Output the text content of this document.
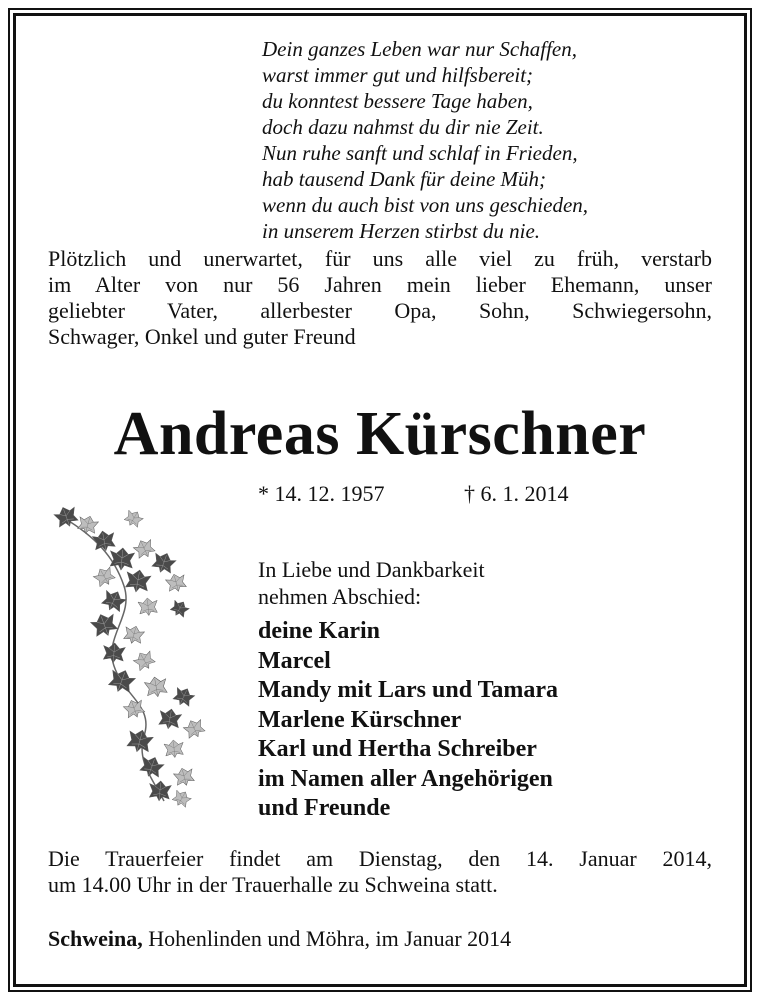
Dein ganzes Leben war nur Schaffen,
warst immer gut und hilfsbereit;
du konntest bessere Tage haben,
doch dazu nahmst du dir nie Zeit.
Nun ruhe sanft und schlaf in Frieden,
hab tausend Dank für deine Müh;
wenn du auch bist von uns geschieden,
in unserem Herzen stirbst du nie.
Plötzlich und unerwartet, für uns alle viel zu früh, verstarb
im Alter von nur 56 Jahren mein lieber Ehemann, unser
geliebter Vater, allerbester Opa, Sohn, Schwiegersohn,
Schwager, Onkel und guter Freund
Andreas Kürschner
* 14. 12. 1957	† 6. 1. 2014
In Liebe und Dankbarkeit
nehmen Abschied:
deine Karin
Marcel
Mandy mit Lars und Tamara
Marlene Kürschner
Karl und Hertha Schreiber
im Namen aller Angehörigen
und Freunde
Die Trauerfeier findet am Dienstag, den 14. Januar 2014,
um 14.00 Uhr in der Trauerhalle zu Schweina statt.
Schweina, Hohenlinden und Möhra, im Januar 2014
